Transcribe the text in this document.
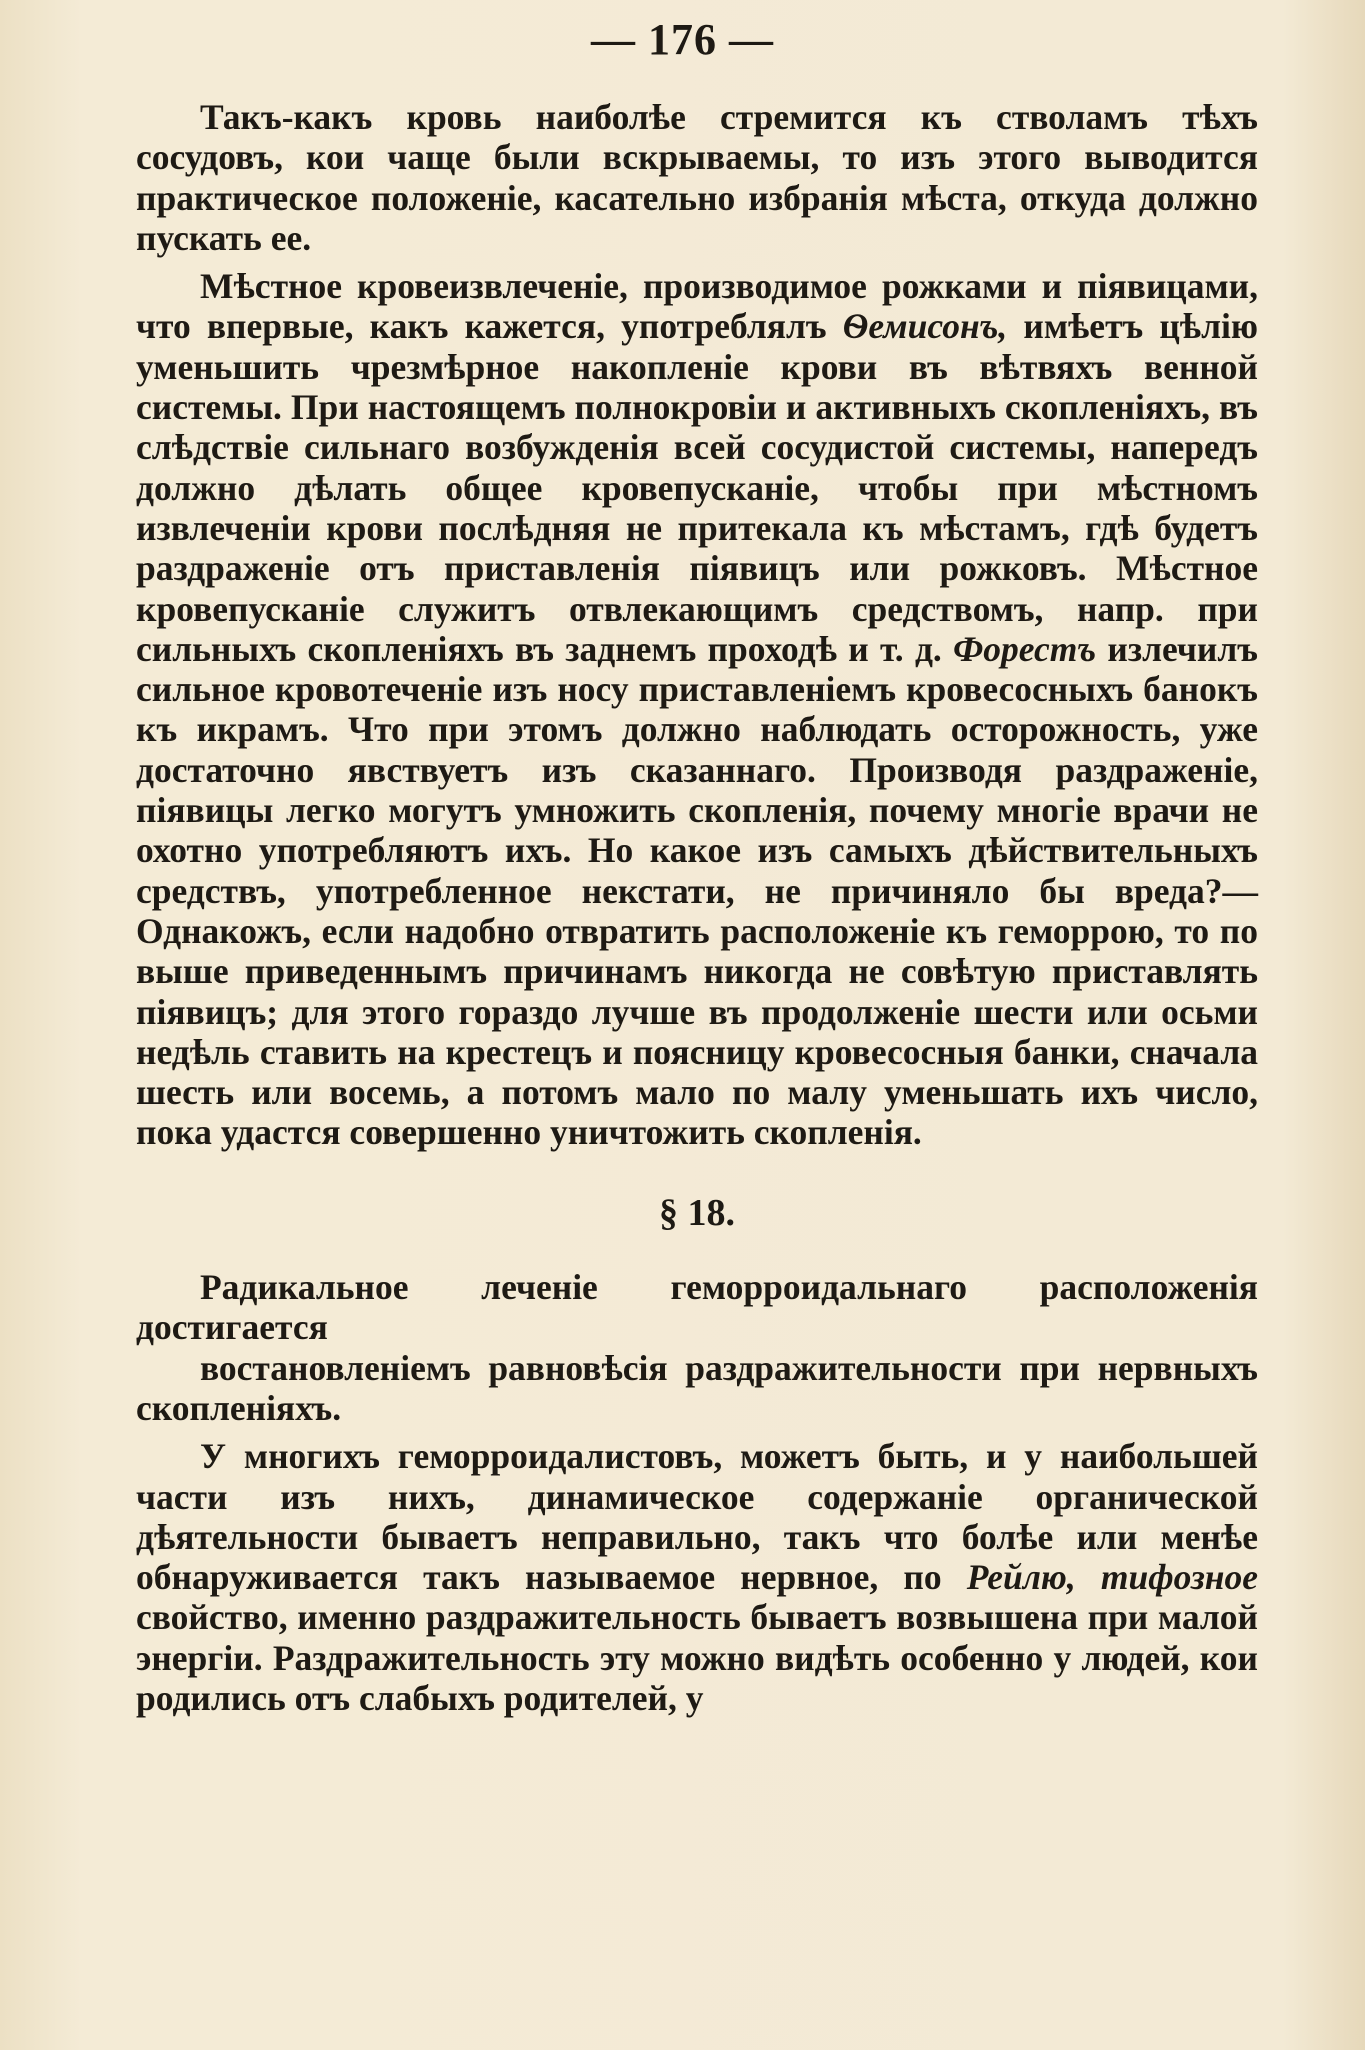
— 176 —

Такъ-какъ кровь наиболѣе стремится къ стволамъ тѣхъ сосудовъ, кои чаще были вскрываемы, то изъ этого выводится практическое положеніе, касательно избранія мѣста, откуда должно пускать ее.

Мѣстное кровеизвлеченіе, производимое рожками и піявицами, что впервые, какъ кажется, употреблялъ Ѳемисонъ, имѣетъ цѣлію уменьшить чрезмѣрное накопленіе крови въ вѣтвяхъ венной системы. При настоящемъ полнокровіи и активныхъ скопленіяхъ, въ слѣдствіе сильнаго возбужденія всей сосудистой системы, напередъ должно дѣлать общее кровепусканіе, чтобы при мѣстномъ извлеченіи крови послѣдняя не притекала къ мѣстамъ, гдѣ будетъ раздраженіе отъ приставленія піявицъ или рожковъ. Мѣстное кровепусканіе служитъ отвлекающимъ средствомъ, напр. при сильныхъ скопленіяхъ въ заднемъ проходѣ и т. д. Форестъ излечилъ сильное кровотеченіе изъ носу приставленіемъ кровесосныхъ банокъ къ икрамъ. Что при этомъ должно наблюдать осторожность, уже достаточно явствуетъ изъ сказаннаго. Производя раздраженіе, піявицы легко могутъ умножить скопленія, почему многіе врачи не охотно употребляютъ ихъ. Но какое изъ самыхъ дѣйствительныхъ средствъ, употребленное некстати, не причиняло бы вреда?—Однакожъ, если надобно отвратить расположеніе къ геморрою, то по выше приведеннымъ причинамъ никогда не совѣтую приставлять піявицъ; для этого гораздо лучше въ продолженіе шести или осьми недѣль ставить на крестецъ и поясницу кровесосныя банки, сначала шесть или восемь, а потомъ мало по малу уменьшать ихъ число, пока удастся совершенно уничтожить скопленія.

§ 18.

Радикальное леченіе геморроидальнаго расположенія достигается

востановленіемъ равновѣсія раздражительности при нервныхъ скопленіяхъ.

У многихъ геморроидалистовъ, можетъ быть, и у наибольшей части изъ нихъ, динамическое содержаніе органической дѣятельности бываетъ неправильно, такъ что болѣе или менѣе обнаруживается такъ называемое нервное, по Рейлю, тифозное свойство, именно раздражительность бываетъ возвышена при малой энергіи. Раздражительность эту можно видѣть особенно у людей, кои родились отъ слабыхъ родителей, у
